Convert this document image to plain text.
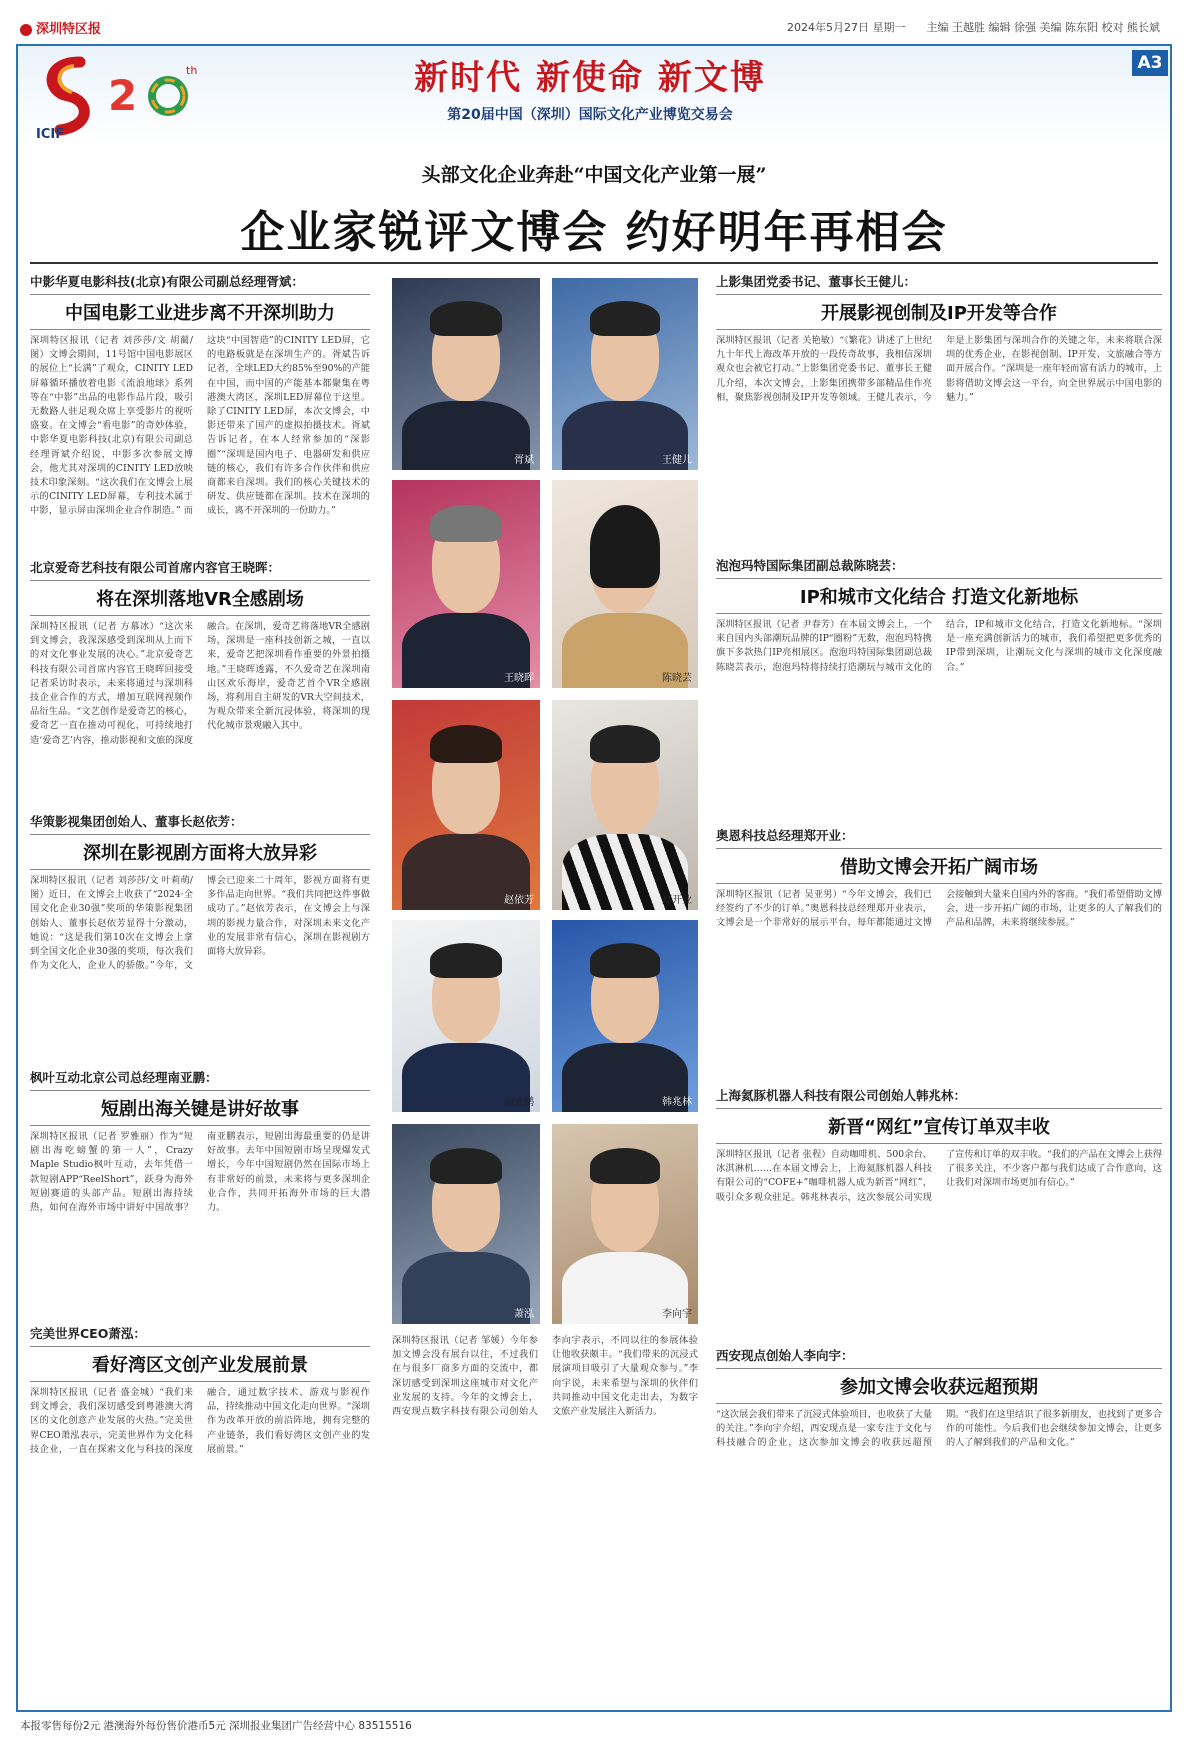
深圳特区报	2024年5月27日 星期一 主编 王越胜 编辑 徐强 美编 陈东阳 校对 熊长斌
2
th
ICIF
新时代 新使命 新文博
第20届中国（深圳）国际文化产业博览交易会
A3
头部文化企业奔赴“中国文化产业第一展”
企业家锐评文博会 约好明年再相会
中影华夏电影科技(北京)有限公司副总经理胥斌：
中国电影工业进步离不开深圳助力
深圳特区报讯（记者 刘莎莎/文 胡蔺/图）文博会期间，11号馆中国电影展区的展位上“长满”了观众，CINITY LED屏幕循环播放着电影《流浪地球》系列等在“中影”出品的电影作品片段，吸引无数路人驻足观众席上享受影片的视听盛宴。在文博会“看电影”的奇妙体验，中影华夏电影科技(北京)有限公司副总经理胥斌介绍说，中影多次参展文博会，他尤其对深圳的CINITY LED放映技术印象深刻。“这次我们在文博会上展示的CINITY LED屏幕，专利技术属于中影，显示屏由深圳企业合作制造。” 而这块“中国智造”的CINITY LED屏，它的电路板就是在深圳生产的。胥斌告诉记者，全球LED大约85%至90%的产能在中国，而中国的产能基本都聚集在粤港澳大湾区，深圳LED屏幕位于这里。除了CINITY LED屏，本次文博会，中影还带来了国产的虚拟拍摄技术。胥斌告诉记者，在本人经常参加的“深影圈”“深圳是国内电子、电器研发和供应链的核心，我们有许多合作伙伴和供应商都来自深圳。我们的核心关键技术的研发、供应链都在深圳。技术在深圳的成长，离不开深圳的一份助力。”
北京爱奇艺科技有限公司首席内容官王晓晖：
将在深圳落地VR全感剧场
深圳特区报讯（记者 方慕冰）“这次来到文博会，我深深感受到深圳从上而下的对文化事业发展的决心。”北京爱奇艺科技有限公司首席内容官王晓晖回接受记者采访时表示，未来将通过与深圳科技企业合作的方式，增加互联网视频作品衍生品。“文艺创作是爱奇艺的核心，爱奇艺一直在推动可视化，可持续地打造‘爱奇艺’内容，推动影视和文旅的深度融合。在深圳，爱奇艺将落地VR全感剧场，深圳是一座科技创新之城，一直以来，爱奇艺把深圳看作重要的外景拍摄地。”王晓晖透露，不久爱奇艺在深圳南山区欢乐海岸，爱奇艺首个VR全感剧场，将利用自主研发的VR大空间技术，为观众带来全新沉浸体验，将深圳的现代化城市景观融入其中。
华策影视集团创始人、董事长赵依芳：
深圳在影视剧方面将大放异彩
深圳特区报讯（记者 刘莎莎/文 叶莉萌/图）近日，在文博会上收获了“2024·全国文化企业30强”奖项的华策影视集团创始人、董事长赵依芳显得十分激动，她说：“这是我们第10次在文博会上拿到全国文化企业30强的奖项，每次我们作为文化人，企业人的骄傲。”今年，文博会已迎来二十周年，影视方面将有更多作品走向世界。“我们共同把这件事做成功了。”赵依芳表示，在文博会上与深圳的影视力量合作，对深圳未来文化产业的发展非常有信心，深圳在影视剧方面将大放异彩。
枫叶互动北京公司总经理南亚鹏：
短剧出海关键是讲好故事
深圳特区报讯（记者 罗雅丽）作为“短剧出海吃螃蟹的第一人”，Crazy Maple Studio枫叶互动，去年凭借一款短剧APP“ReelShort”，跃身为海外短剧赛道的头部产品。短剧出海持续热，如何在海外市场中讲好中国故事？南亚鹏表示，短剧出海最重要的仍是讲好故事。去年中国短剧市场呈现爆发式增长，今年中国短剧仍然在国际市场上有非常好的前景，未来将与更多深圳企业合作，共同开拓海外市场的巨大潜力。
完美世界CEO萧泓：
看好湾区文创产业发展前景
深圳特区报讯（记者 盛金城）“我们来到文博会，我们深切感受到粤港澳大湾区的文化创意产业发展的火热。”完美世界CEO萧泓表示，完美世界作为文化科技企业，一直在探索文化与科技的深度融合，通过数字技术、游戏与影视作品，持续推动中国文化走向世界。“深圳作为改革开放的前沿阵地，拥有完整的产业链条，我们看好湾区文创产业的发展前景。”
胥斌	王健儿
王晓晖	陈晓芸
赵依芳	郑开业
南亚鹏	韩兆林
萧泓	李向宇
深圳特区报讯（记者 邹媛）今年参加文博会没有展台以往，不过我们在与很多厂商多方面的交流中，都深切感受到深圳这座城市对文化产业发展的支持。今年的文博会上，西安现点数字科技有限公司创始人李向宇表示，不同以往的参展体验让他收获颇丰。“我们带来的沉浸式展演项目吸引了大量观众参与。”李向宇说，未来希望与深圳的伙伴们共同推动中国文化走出去，为数字文旅产业发展注入新活力。
上影集团党委书记、董事长王健儿：
开展影视创制及IP开发等合作
深圳特区报讯（记者 关艳敏）“《繁花》讲述了上世纪九十年代上海改革开放的一段传奇故事，我相信深圳观众也会被它打动。”上影集团党委书记、董事长王健儿介绍，本次文博会，上影集团携带多部精品佳作亮相，聚焦影视创制及IP开发等领域。王健儿表示，今年是上影集团与深圳合作的关键之年，未来将联合深圳的优秀企业，在影视创制、IP开发、文旅融合等方面开展合作。“深圳是一座年轻而富有活力的城市，上影将借助文博会这一平台，向全世界展示中国电影的魅力。”
泡泡玛特国际集团副总裁陈晓芸：
IP和城市文化结合 打造文化新地标
深圳特区报讯（记者 尹春芳）在本届文博会上，一个来自国内头部潮玩品牌的IP“圈粉”无数，泡泡玛特携旗下多款热门IP亮相展区。泡泡玛特国际集团副总裁陈晓芸表示，泡泡玛特将持续打造潮玩与城市文化的结合，IP和城市文化结合，打造文化新地标。“深圳是一座充满创新活力的城市，我们希望把更多优秀的IP带到深圳，让潮玩文化与深圳的城市文化深度融合。”
奥恩科技总经理郑开业：
借助文博会开拓广阔市场
深圳特区报讯（记者 吴亚男）“今年文博会，我们已经签约了不少的订单。”奥恩科技总经理郑开业表示，文博会是一个非常好的展示平台，每年都能通过文博会接触到大量来自国内外的客商。“我们希望借助文博会，进一步开拓广阔的市场，让更多的人了解我们的产品和品牌，未来将继续参展。”
上海氦豚机器人科技有限公司创始人韩兆林：
新晋“网红”宣传订单双丰收
深圳特区报讯（记者 张程）自动咖啡机、500余台、冰淇淋机……在本届文博会上，上海氦豚机器人科技有限公司的“COFE+”咖啡机器人成为新晋“网红”，吸引众多观众驻足。韩兆林表示，这次参展公司实现了宣传和订单的双丰收。“我们的产品在文博会上获得了很多关注，不少客户都与我们达成了合作意向，这让我们对深圳市场更加有信心。”
西安现点创始人李向宇：
参加文博会收获远超预期
“这次展会我们带来了沉浸式体验项目，也收获了大量的关注。”李向宇介绍，西安现点是一家专注于文化与科技融合的企业，这次参加文博会的收获远超预期。“我们在这里结识了很多新朋友，也找到了更多合作的可能性。今后我们也会继续参加文博会，让更多的人了解到我们的产品和文化。”
本报零售每份2元 港澳海外每份售价港币5元 深圳报业集团广告经营中心 83515516
